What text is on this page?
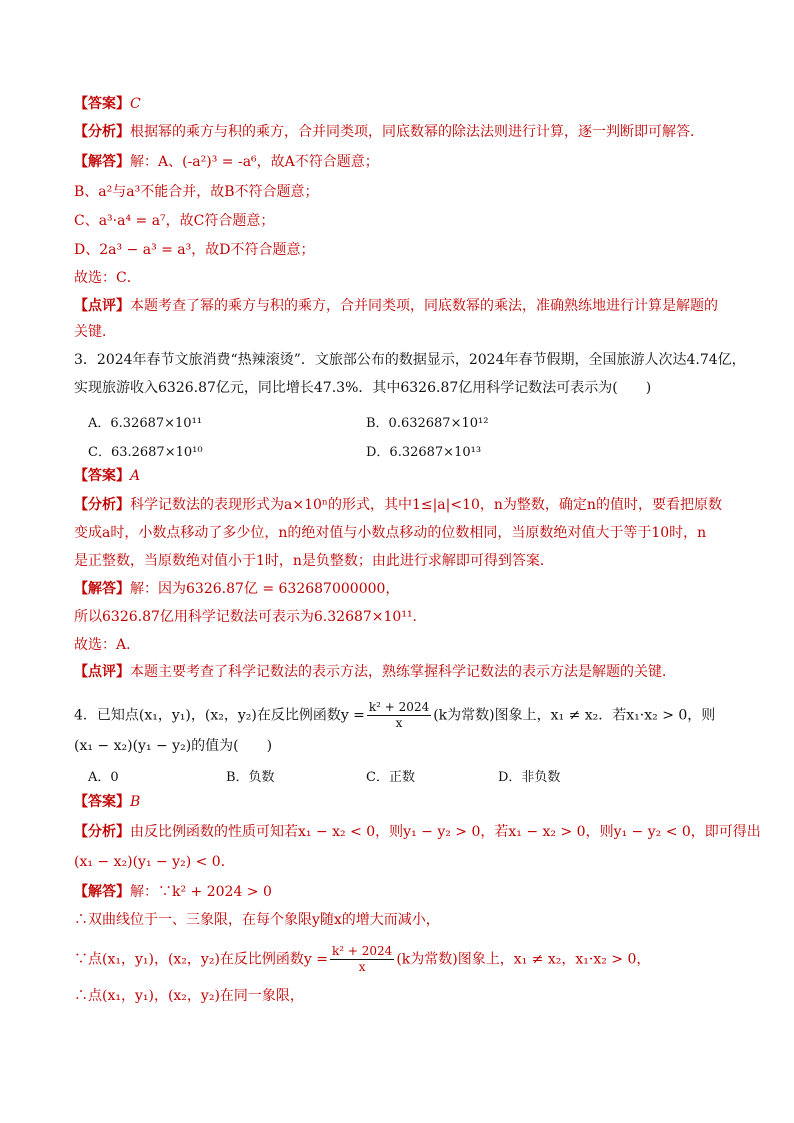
【答案】C
【分析】根据幂的乘方与积的乘方，合并同类项，同底数幂的除法法则进行计算，逐一判断即可解答．
【解答】解：A、(-a²)³ = -a⁶，故A不符合题意；
B、a²与a³不能合并，故B不符合题意；
C、a³·a⁴ = a⁷，故C符合题意；
D、2a³ − a³ = a³，故D不符合题意；
故选：C．
【点评】本题考查了幂的乘方与积的乘方，合并同类项，同底数幂的乘法，准确熟练地进行计算是解题的
关键．
3．2024年春节文旅消费“热辣滚烫”．文旅部公布的数据显示，2024年春节假期，全国旅游人次达4.74亿，
实现旅游收入6326.87亿元，同比增长47.3%．其中6326.87亿用科学记数法可表示为(　　)
A．6.32687×10¹¹	B．0.632687×10¹²
C．63.2687×10¹⁰	D．6.32687×10¹³
【答案】A
【分析】科学记数法的表现形式为a×10ⁿ的形式，其中1≤|a|<10，n为整数，确定n的值时，要看把原数
变成a时，小数点移动了多少位，n的绝对值与小数点移动的位数相同，当原数绝对值大于等于10时，n
是正整数，当原数绝对值小于1时，n是负整数；由此进行求解即可得到答案．
【解答】解：因为6326.87亿 = 632687000000，
所以6326.87亿用科学记数法可表示为6.32687×10¹¹．
故选：A．
【点评】本题主要考查了科学记数法的表示方法，熟练掌握科学记数法的表示方法是解题的关键．
4．已知点(x₁，y₁)，(x₂，y₂)在反比例函数$y = \frac{\text{k² + 2024}}{x} (k$为常数)图象上，x₁ ≠ x₂．若x₁·x₂ > 0，则
(x₁ − x₂)(y₁ − y₂)的值为(　　)
A．0	B．负数	C．正数	D．非负数
【答案】B
【分析】由反比例函数的性质可知若x₁ − x₂ < 0，则y₁ − y₂ > 0，若x₁ − x₂ > 0，则y₁ − y₂ < 0，即可得出
(x₁ − x₂)(y₁ − y₂) < 0．
【解答】解：∵k² + 2024 > 0
∴双曲线位于一、三象限，在每个象限y随x的增大而减小，
∵点(x₁，y₁)，(x₂，y₂)在反比例函数$y = \frac{\text{k² + 2024}}{x} (k$为常数)图象上，x₁ ≠ x₂，x₁·x₂ > 0，
∴点(x₁，y₁)，(x₂，y₂)在同一象限，
